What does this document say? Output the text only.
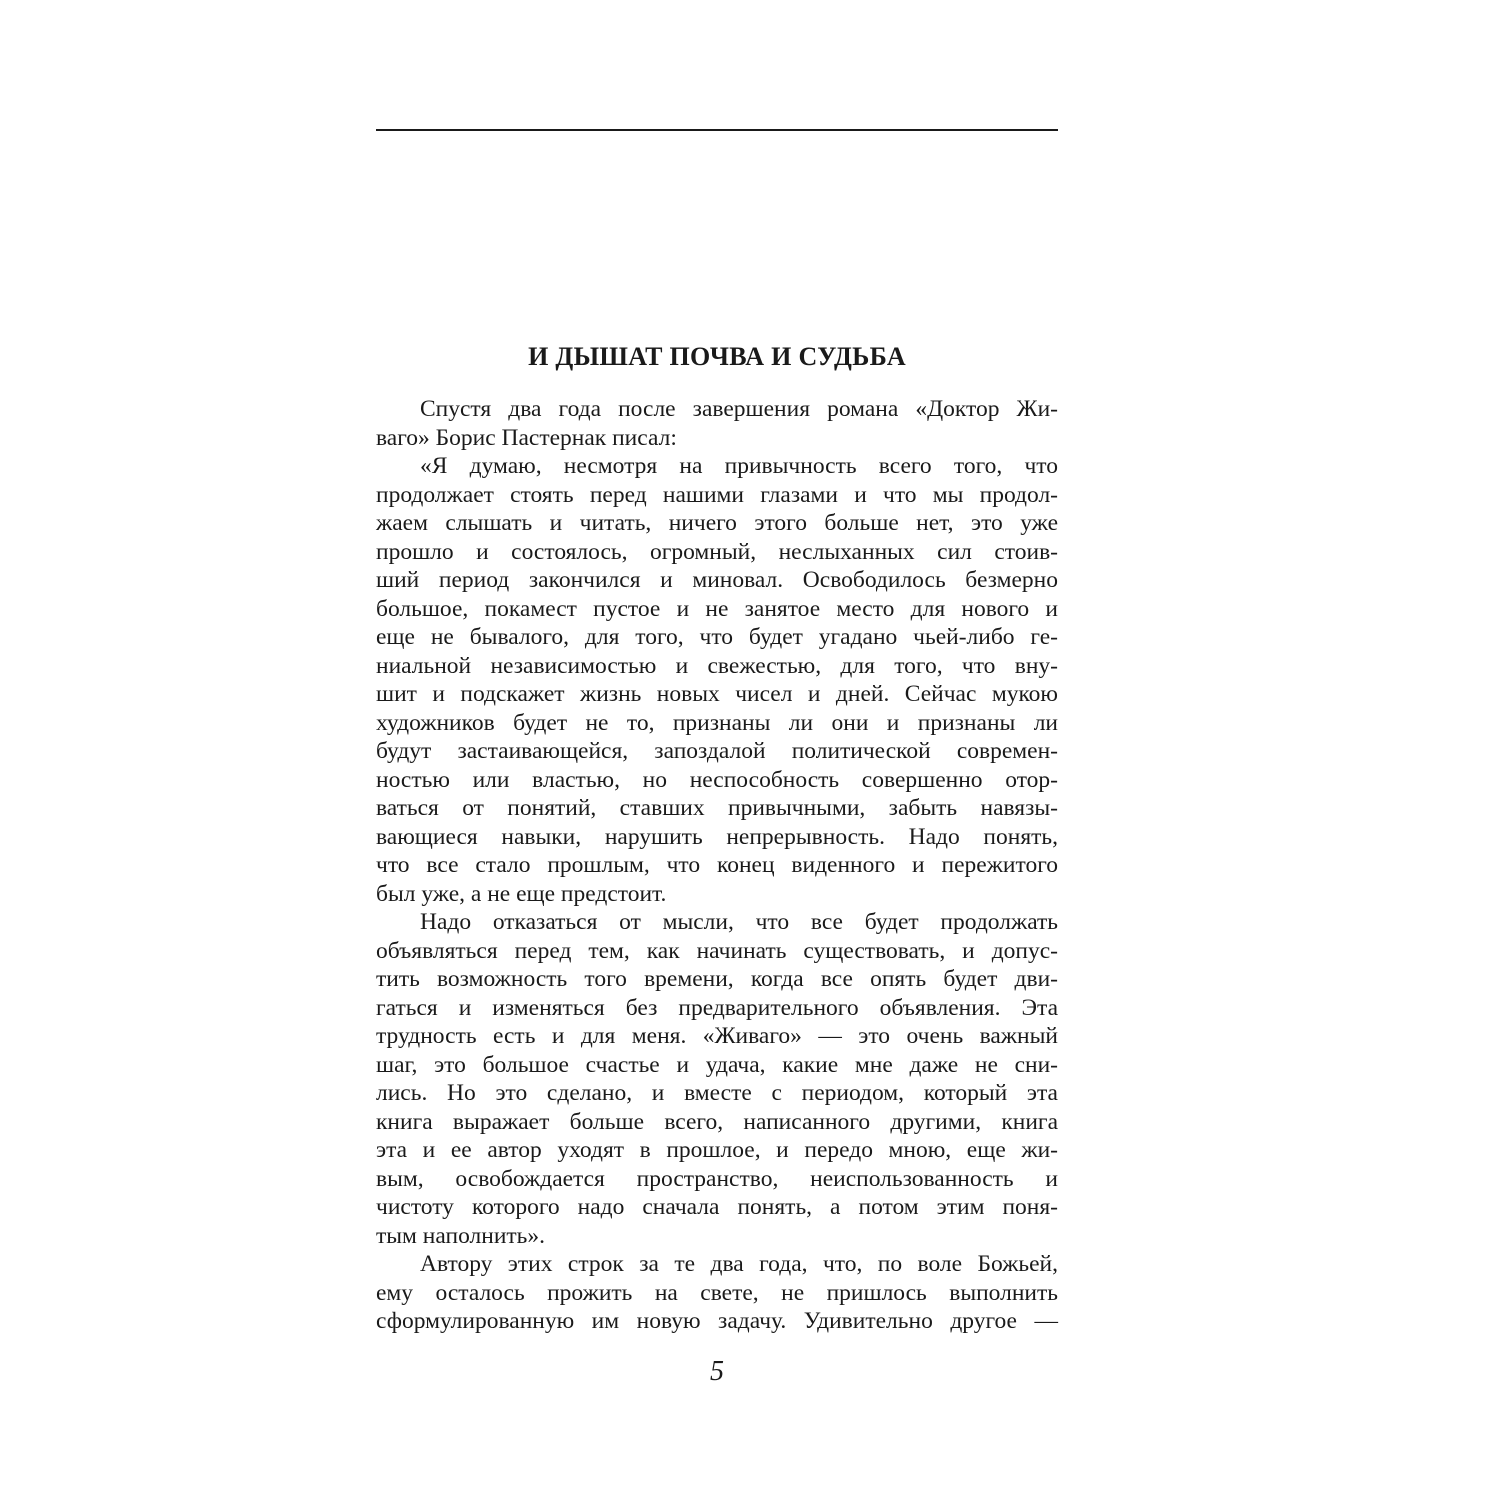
И ДЫШАТ ПОЧВА И СУДЬБА
Спустя два года после завершения романа «Доктор Жи-
ваго» Борис Пастернак писал:
«Я думаю, несмотря на привычность всего того, что
продолжает стоять перед нашими глазами и что мы продол-
жаем слышать и читать, ничего этого больше нет, это уже
прошло и состоялось, огромный, неслыханных сил стоив-
ший период закончился и миновал. Освободилось безмерно
большое, покамест пустое и не занятое место для нового и
еще не бывалого, для того, что будет угадано чьей-либо ге-
ниальной независимостью и свежестью, для того, что вну-
шит и подскажет жизнь новых чисел и дней. Сейчас мукою
художников будет не то, признаны ли они и признаны ли
будут застаивающейся, запоздалой политической современ-
ностью или властью, но неспособность совершенно отор-
ваться от понятий, ставших привычными, забыть навязы-
вающиеся навыки, нарушить непрерывность. Надо понять,
что все стало прошлым, что конец виденного и пережитого
был уже, а не еще предстоит.
Надо отказаться от мысли, что все будет продолжать
объявляться перед тем, как начинать существовать, и допус-
тить возможность того времени, когда все опять будет дви-
гаться и изменяться без предварительного объявления. Эта
трудность есть и для меня. «Живаго» — это очень важный
шаг, это большое счастье и удача, какие мне даже не сни-
лись. Но это сделано, и вместе с периодом, который эта
книга выражает больше всего, написанного другими, книга
эта и ее автор уходят в прошлое, и передо мною, еще жи-
вым, освобождается пространство, неиспользованность и
чистоту которого надо сначала понять, а потом этим поня-
тым наполнить».
Автору этих строк за те два года, что, по воле Божьей,
ему осталось прожить на свете, не пришлось выполнить
сформулированную им новую задачу. Удивительно другое —
5
